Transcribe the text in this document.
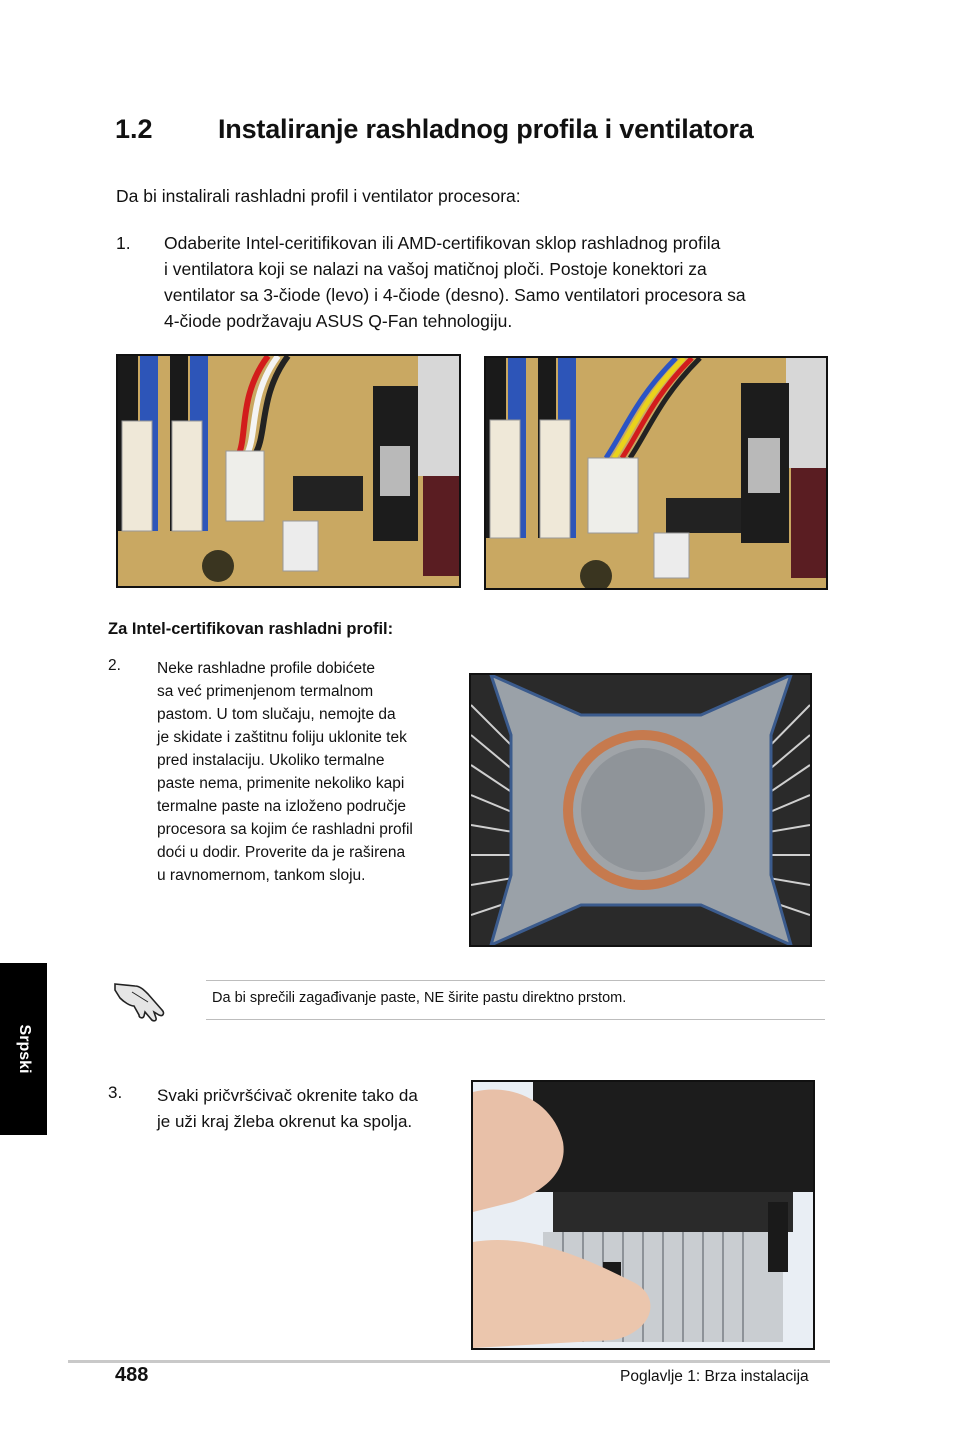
1.2 Instaliranje rashladnog profila i ventilatora
Da bi instalirali rashladni profil i ventilator procesora:
1. Odaberite Intel-ceritifikovan ili AMD-certifikovan sklop rashladnog profila
i ventilatora koji se nalazi na vašoj matičnoj ploči. Postoje konektori za
ventilator sa 3-čiode (levo) i 4-čiode (desno). Samo ventilatori procesora sa
4-čiode podržavaju ASUS Q-Fan tehnologiju.
Za Intel-certifikovan rashladni profil:
2. Neke rashladne profile dobićete
sa već primenjenom termalnom
pastom. U tom slučaju, nemojte da
je skidate i zaštitnu foliju uklonite tek
pred instalaciju. Ukoliko termalne
paste nema, primenite nekoliko kapi
termalne paste na izloženo područje
procesora sa kojim će rashladni profil
doći u dodir. Proverite da je raširena
u ravnomernom, tankom sloju.
Da bi sprečili zagađivanje paste, NE širite pastu direktno prstom.
Srpski
3. Svaki pričvršćivač okrenite tako da
je uži kraj žleba okrenut ka spolja.
488	Poglavlje 1: Brza instalacija
